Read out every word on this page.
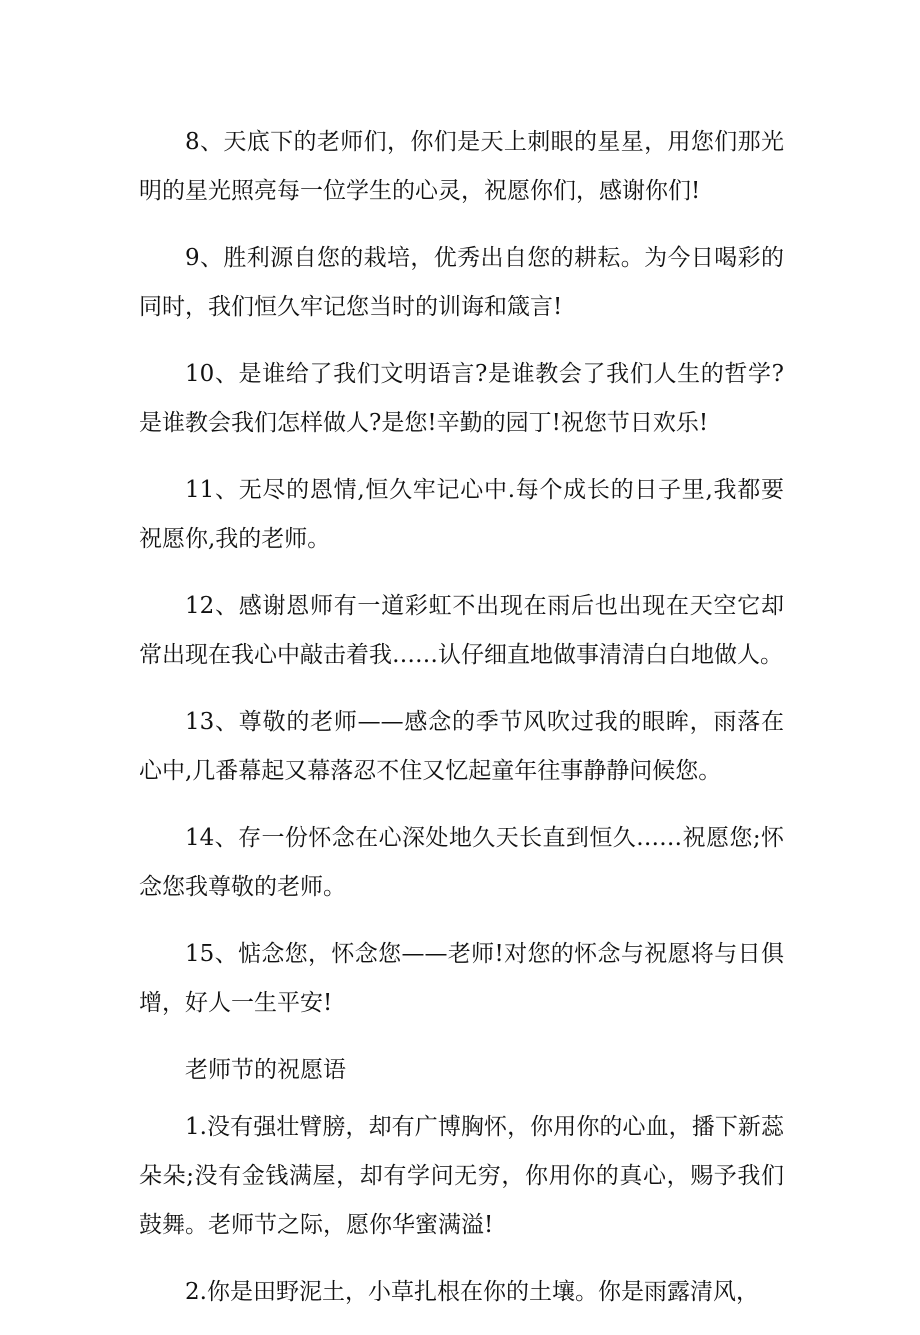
8、天底下的老师们，你们是天上刺眼的星星，用您们那光明的星光照亮每一位学生的心灵，祝愿你们，感谢你们!

9、胜利源自您的栽培，优秀出自您的耕耘。为今日喝彩的同时，我们恒久牢记您当时的训诲和箴言!

10、是谁给了我们文明语言?是谁教会了我们人生的哲学?是谁教会我们怎样做人?是您!辛勤的园丁!祝您节日欢乐!

11、无尽的恩情,恒久牢记心中.每个成长的日子里,我都要祝愿你,我的老师。

12、感谢恩师有一道彩虹不出现在雨后也出现在天空它却常出现在我心中敲击着我……认仔细直地做事清清白白地做人。

13、尊敬的老师——感念的季节风吹过我的眼眸，雨落在心中,几番幕起又幕落忍不住又忆起童年往事静静问候您。

14、存一份怀念在心深处地久天长直到恒久……祝愿您;怀念您我尊敬的老师。

15、惦念您，怀念您——老师!对您的怀念与祝愿将与日俱增，好人一生平安!

老师节的祝愿语

1.没有强壮臂膀，却有广博胸怀，你用你的心血，播下新蕊朵朵;没有金钱满屋，却有学问无穷，你用你的真心，赐予我们鼓舞。老师节之际，愿你华蜜满溢!

2.你是田野泥土，小草扎根在你的土壤。你是雨露清风，
